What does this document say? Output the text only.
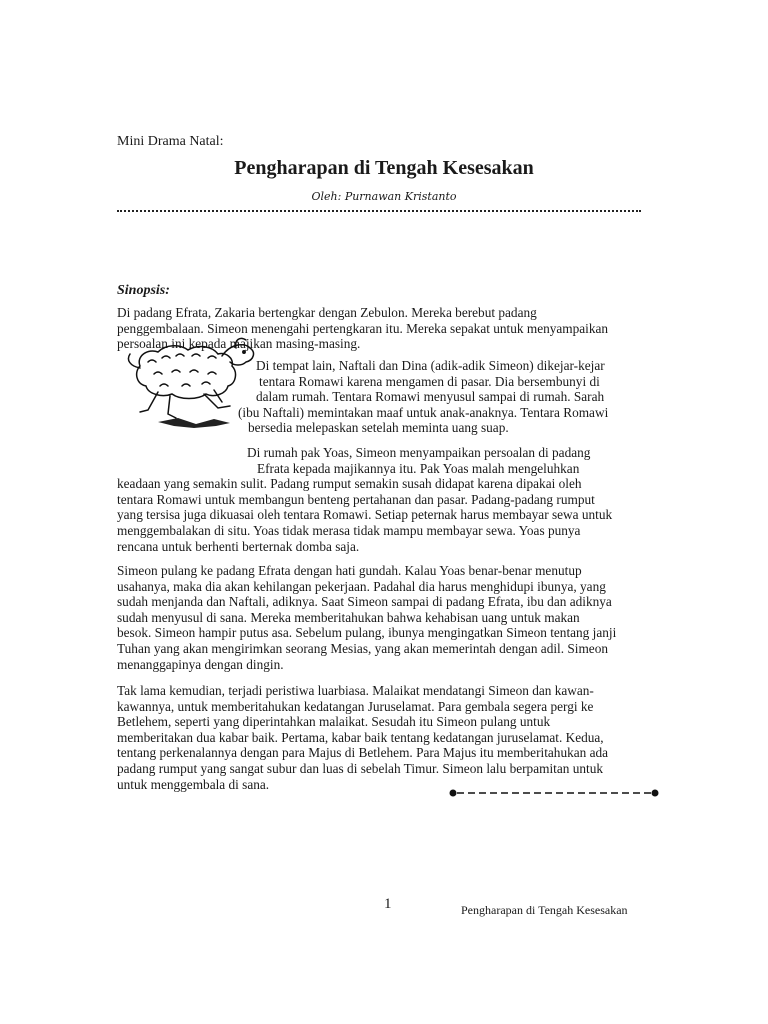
Mini Drama Natal:
Pengharapan di Tengah Kesesakan
Oleh: Purnawan Kristanto
Sinopsis:
Di padang Efrata, Zakaria bertengkar dengan Zebulon. Mereka berebut padang
penggembalaan. Simeon menengahi pertengkaran itu. Mereka sepakat untuk menyampaikan
persoalan ini kepada majikan masing-masing.
Di tempat lain, Naftali dan Dina (adik-adik Simeon) dikejar-kejar
tentara Romawi karena mengamen di pasar. Dia bersembunyi di
dalam rumah. Tentara Romawi menyusul sampai di rumah. Sarah
(ibu Naftali) memintakan maaf untuk anak-anaknya. Tentara Romawi
bersedia melepaskan setelah meminta uang suap.
Di rumah pak Yoas, Simeon menyampaikan persoalan di padang
Efrata kepada majikannya itu. Pak Yoas malah mengeluhkan
keadaan yang semakin sulit. Padang rumput semakin susah didapat karena dipakai oleh
tentara Romawi untuk membangun benteng pertahanan dan pasar. Padang-padang rumput
yang tersisa juga dikuasai oleh tentara Romawi. Setiap peternak harus membayar sewa untuk
menggembalakan di situ. Yoas tidak merasa tidak mampu membayar sewa. Yoas punya
rencana untuk berhenti berternak domba saja.
Simeon pulang ke padang Efrata dengan hati gundah. Kalau Yoas benar-benar menutup
usahanya, maka dia akan kehilangan pekerjaan. Padahal dia harus menghidupi ibunya, yang
sudah menjanda dan Naftali, adiknya. Saat Simeon sampai di padang Efrata, ibu dan adiknya
sudah menyusul di sana. Mereka memberitahukan bahwa kehabisan uang untuk makan
besok. Simeon hampir putus asa. Sebelum pulang, ibunya mengingatkan Simeon tentang janji
Tuhan yang akan mengirimkan seorang Mesias, yang akan memerintah dengan adil. Simeon
menanggapinya dengan dingin.
Tak lama kemudian, terjadi peristiwa luarbiasa. Malaikat mendatangi Simeon dan kawan-
kawannya, untuk memberitahukan kedatangan Juruselamat. Para gembala segera pergi ke
Betlehem, seperti yang diperintahkan malaikat. Sesudah itu Simeon pulang untuk
memberitakan dua kabar baik. Pertama, kabar baik tentang kedatangan juruselamat. Kedua,
tentang perkenalannya dengan para Majus di Betlehem. Para Majus itu memberitahukan ada
padang rumput yang sangat subur dan luas di sebelah Timur. Simeon lalu berpamitan untuk
untuk menggembala di sana.
1	Pengharapan di Tengah Kesesakan
